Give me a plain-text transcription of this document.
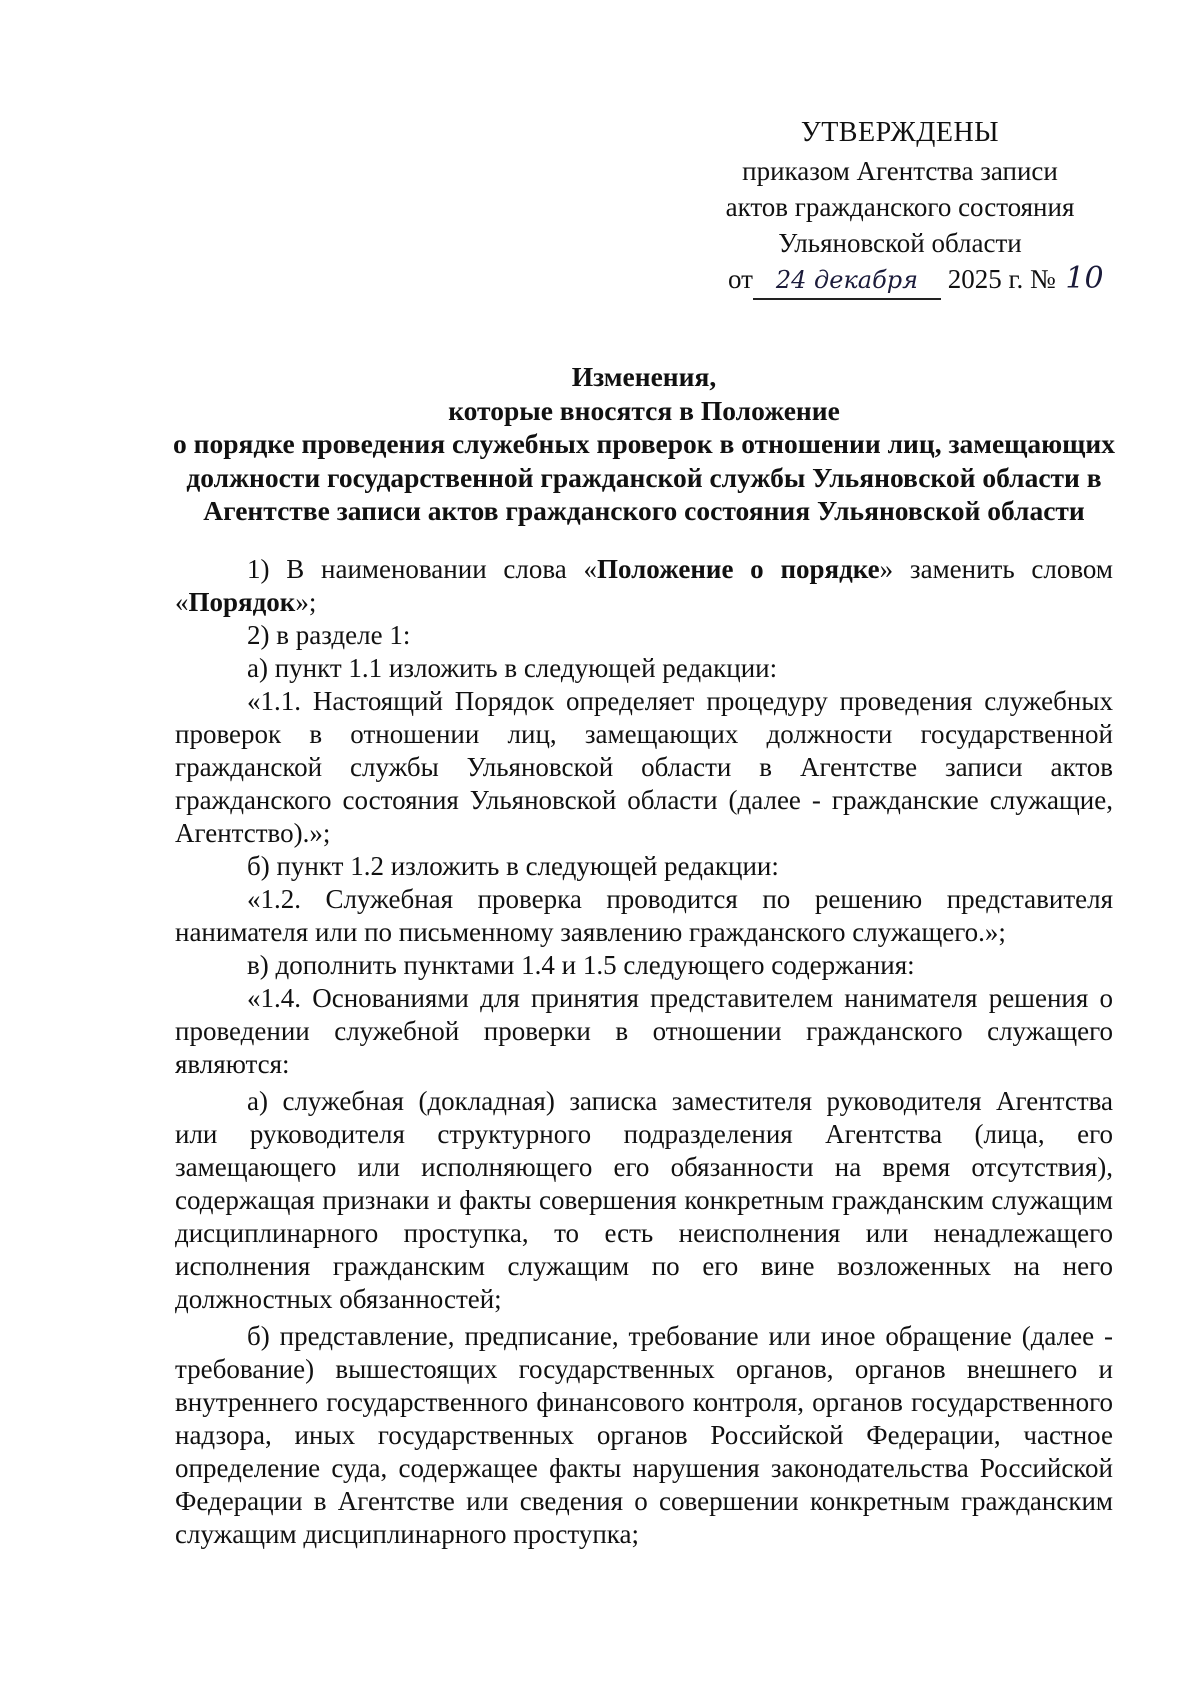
УТВЕРЖДЕНЫ
приказом Агентства записи
актов гражданского состояния
Ульяновской области
от 24 декабря 2025 г. № 10
Изменения,
которые вносятся в Положение
о порядке проведения служебных проверок в отношении лиц, замещающих
должности государственной гражданской службы Ульяновской области в
Агентстве записи актов гражданского состояния Ульяновской области

1) В наименовании слова «Положение о порядке» заменить словом «Порядок»;

2) в разделе 1:

а) пункт 1.1 изложить в следующей редакции:

«1.1. Настоящий Порядок определяет процедуру проведения служебных проверок в отношении лиц, замещающих должности государственной гражданской службы Ульяновской области в Агентстве записи актов гражданского состояния Ульяновской области (далее - гражданские служащие, Агентство).»;

б) пункт 1.2 изложить в следующей редакции:

«1.2. Служебная проверка проводится по решению представителя нанимателя или по письменному заявлению гражданского служащего.»;

в) дополнить пунктами 1.4 и 1.5 следующего содержания:

«1.4. Основаниями для принятия представителем нанимателя решения о проведении служебной проверки в отношении гражданского служащего являются:

а) служебная (докладная) записка заместителя руководителя Агентства или руководителя структурного подразделения Агентства (лица, его замещающего или исполняющего его обязанности на время отсутствия), содержащая признаки и факты совершения конкретным гражданским служащим дисциплинарного проступка, то есть неисполнения или ненадлежащего исполнения гражданским служащим по его вине возложенных на него должностных обязанностей;

б) представление, предписание, требование или иное обращение (далее - требование) вышестоящих государственных органов, органов внешнего и внутреннего государственного финансового контроля, органов государственного надзора, иных государственных органов Российской Федерации, частное определение суда, содержащее факты нарушения законодательства Российской Федерации в Агентстве или сведения о совершении конкретным гражданским служащим дисциплинарного проступка;
